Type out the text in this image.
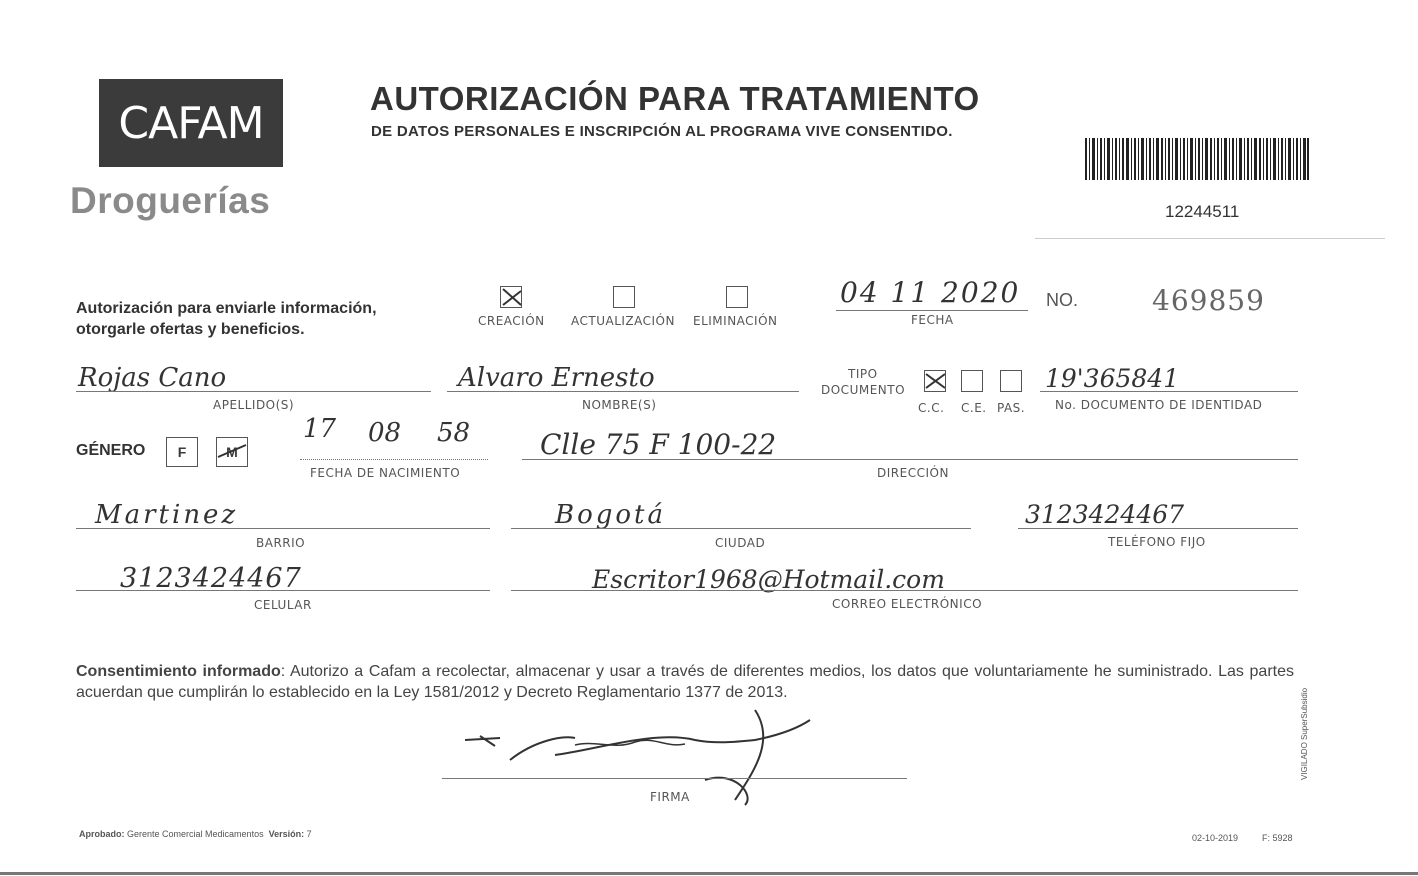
CAFAM
Droguerías
AUTORIZACIÓN PARA TRATAMIENTO
DE DATOS PERSONALES E INSCRIPCIÓN AL PROGRAMA VIVE CONSENTIDO.
12244511
Autorización para enviarle información, otorgarle ofertas y beneficios.	CREACIÓN ACTUALIZACIÓN ELIMINACIÓN
04 11 2020
FECHA
NO.	469859
Rojas Cano
APELLIDO(S)
Alvaro Ernesto
NOMBRE(S)
TIPO
DOCUMENTO
C.C. C.E. PAS.
19'365841
No. DOCUMENTO DE IDENTIDAD
GÉNERO	F	M
17 08 58
FECHA DE NACIMIENTO
Clle 75 F 100-22
DIRECCIÓN
Martinez
BARRIO
Bogotá
CIUDAD
3123424467
TELÉFONO FIJO
3123424467
CELULAR
Escritor1968@Hotmail.com
CORREO ELECTRÓNICO
Consentimiento informado: Autorizo a Cafam a recolectar, almacenar y usar a través de diferentes medios, los datos que voluntariamente he suministrado. Las partes acuerdan que cumplirán lo establecido en la Ley 1581/2012 y Decreto Reglamentario 1377 de 2013.
FIRMA
Aprobado: Gerente Comercial Medicamentos Versión: 7	02-10-2019	F: 5928
VIGILADO SuperSubsidio
